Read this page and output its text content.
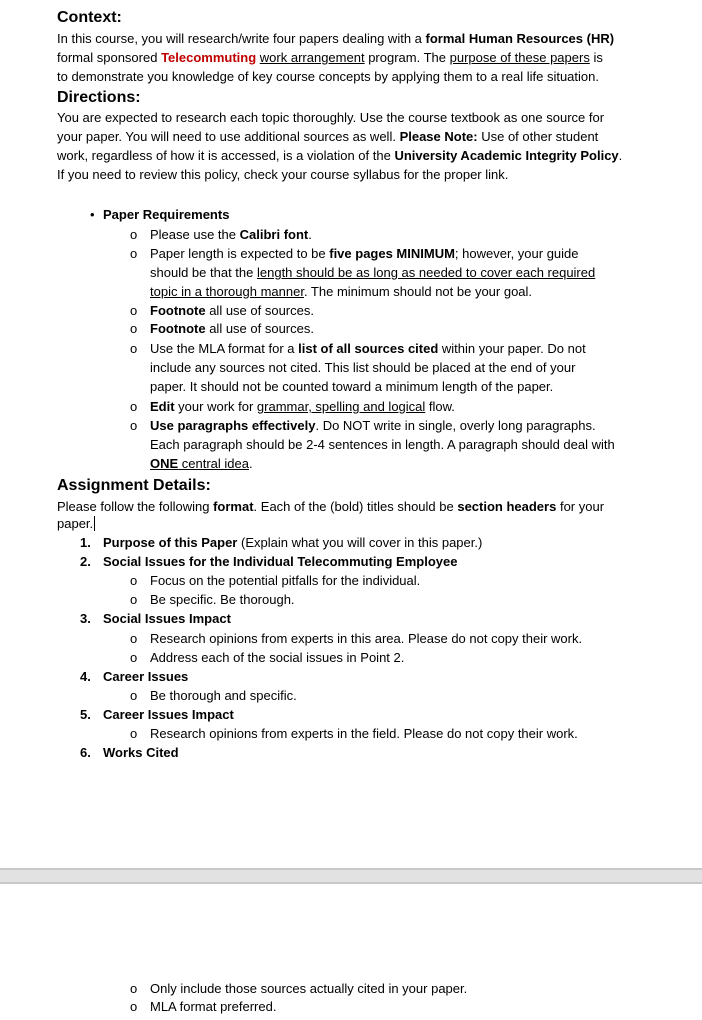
Context:
In this course, you will research/write four papers dealing with a formal Human Resources (HR)
formal sponsored Telecommuting work arrangement program. The purpose of these papers is
to demonstrate you knowledge of key course concepts by applying them to a real life situation.
Directions:
You are expected to research each topic thoroughly. Use the course textbook as one source for
your paper. You will need to use additional sources as well. Please Note: Use of other student
work, regardless of how it is accessed, is a violation of the University Academic Integrity Policy.
If you need to review this policy, check your course syllabus for the proper link.
• Paper Requirements
o Please use the Calibri font.
o Paper length is expected to be five pages MINIMUM; however, your guide
should be that the length should be as long as needed to cover each required
topic in a thorough manner. The minimum should not be your goal.
o Footnote all use of sources.
o Footnote all use of sources.
o Use the MLA format for a list of all sources cited within your paper. Do not
include any sources not cited. This list should be placed at the end of your
paper. It should not be counted toward a minimum length of the paper.
o Edit your work for grammar, spelling and logical flow.
o Use paragraphs effectively. Do NOT write in single, overly long paragraphs.
Each paragraph should be 2-4 sentences in length. A paragraph should deal with
ONE central idea.
Assignment Details:
Please follow the following format. Each of the (bold) titles should be section headers for your
paper.
1. Purpose of this Paper (Explain what you will cover in this paper.)
2. Social Issues for the Individual Telecommuting Employee
o Focus on the potential pitfalls for the individual.
o Be specific. Be thorough.
3. Social Issues Impact
o Research opinions from experts in this area. Please do not copy their work.
o Address each of the social issues in Point 2.
4. Career Issues
o Be thorough and specific.
5. Career Issues Impact
o Research opinions from experts in the field. Please do not copy their work.
6. Works Cited
o Only include those sources actually cited in your paper.
o MLA format preferred.
